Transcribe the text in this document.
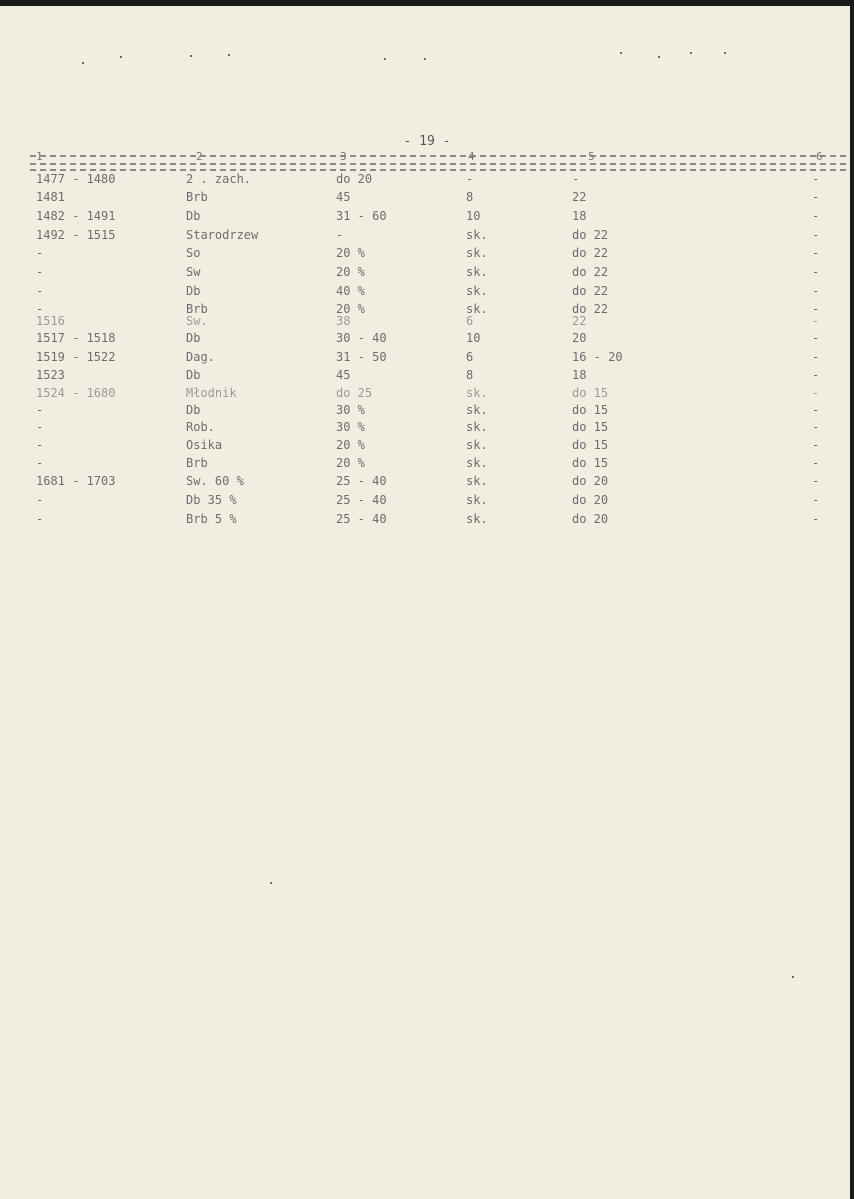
- 19 -
1	2	3	4	5	6
1477 - 1480	2 . zach.	do 20	-	-	-
1481	Brb	45	8	22	-
1482 - 1491	Db	31 - 60	10	18	-
1492 - 1515	Starodrzew	-	sk.	do 22	-
-	So	20 %	sk.	do 22	-
-	Sw	20 %	sk.	do 22	-
-	Db	40 %	sk.	do 22	-
-	Brb	20 %	sk.	do 22	-
1516	Sw.	38	6	22	-
1517 - 1518	Db	30 - 40	10	20	-
1519 - 1522	Dag.	31 - 50	6	16 - 20	-
1523	Db	45	8	18	-
1524 - 1680	Młodnik	do 25	sk.	do 15	-
-	Db	30 %	sk.	do 15	-
-	Rob.	30 %	sk.	do 15	-
-	Osika	20 %	sk.	do 15	-
-	Brb	20 %	sk.	do 15	-
1681 - 1703	Sw. 60 %	25 - 40	sk.	do 20	-
-	Db 35 %	25 - 40	sk.	do 20	-
-	Brb 5 %	25 - 40	sk.	do 20	-
